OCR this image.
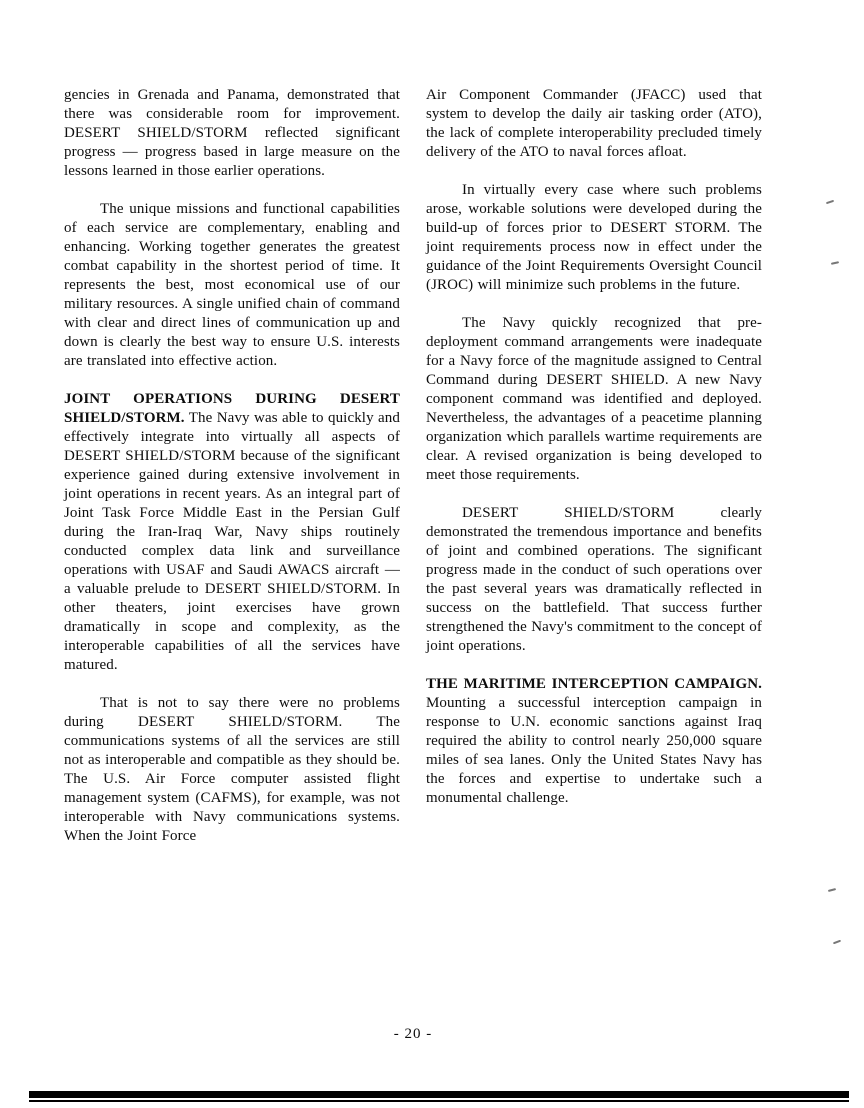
gencies in Grenada and Panama, demonstrated that there was considerable room for improvement. DESERT SHIELD/STORM reflected significant progress — progress based in large measure on the lessons learned in those earlier operations.

The unique missions and functional capabilities of each service are complementary, enabling and enhancing. Working together generates the greatest combat capability in the shortest period of time. It represents the best, most economical use of our military resources. A single unified chain of command with clear and direct lines of communication up and down is clearly the best way to ensure U.S. interests are translated into effective action.

JOINT OPERATIONS DURING DESERT SHIELD/STORM. The Navy was able to quickly and effectively integrate into virtually all aspects of DESERT SHIELD/STORM because of the significant experience gained during extensive involvement in joint operations in recent years. As an integral part of Joint Task Force Middle East in the Persian Gulf during the Iran-Iraq War, Navy ships routinely conducted complex data link and surveillance operations with USAF and Saudi AWACS aircraft — a valuable prelude to DESERT SHIELD/STORM. In other theaters, joint exercises have grown dramatically in scope and complexity, as the interoperable capabilities of all the services have matured.

That is not to say there were no problems during DESERT SHIELD/STORM. The communications systems of all the services are still not as interoperable and compatible as they should be. The U.S. Air Force computer assisted flight management system (CAFMS), for example, was not interoperable with Navy communications systems. When the Joint Force

Air Component Commander (JFACC) used that system to develop the daily air tasking order (ATO), the lack of complete interoperability precluded timely delivery of the ATO to naval forces afloat.

In virtually every case where such problems arose, workable solutions were developed during the build-up of forces prior to DESERT STORM. The joint requirements process now in effect under the guidance of the Joint Requirements Oversight Council (JROC) will minimize such problems in the future.

The Navy quickly recognized that pre-deployment command arrangements were inadequate for a Navy force of the magnitude assigned to Central Command during DESERT SHIELD. A new Navy component command was identified and deployed. Nevertheless, the advantages of a peacetime planning organization which parallels wartime requirements are clear. A revised organization is being developed to meet those requirements.

DESERT SHIELD/STORM clearly demonstrated the tremendous importance and benefits of joint and combined operations. The significant progress made in the conduct of such operations over the past several years was dramatically reflected in success on the battlefield. That success further strengthened the Navy's commitment to the concept of joint operations.

THE MARITIME INTERCEPTION CAMPAIGN. Mounting a successful interception campaign in response to U.N. economic sanctions against Iraq required the ability to control nearly 250,000 square miles of sea lanes. Only the United States Navy has the forces and expertise to undertake such a monumental challenge.

- 20 -
